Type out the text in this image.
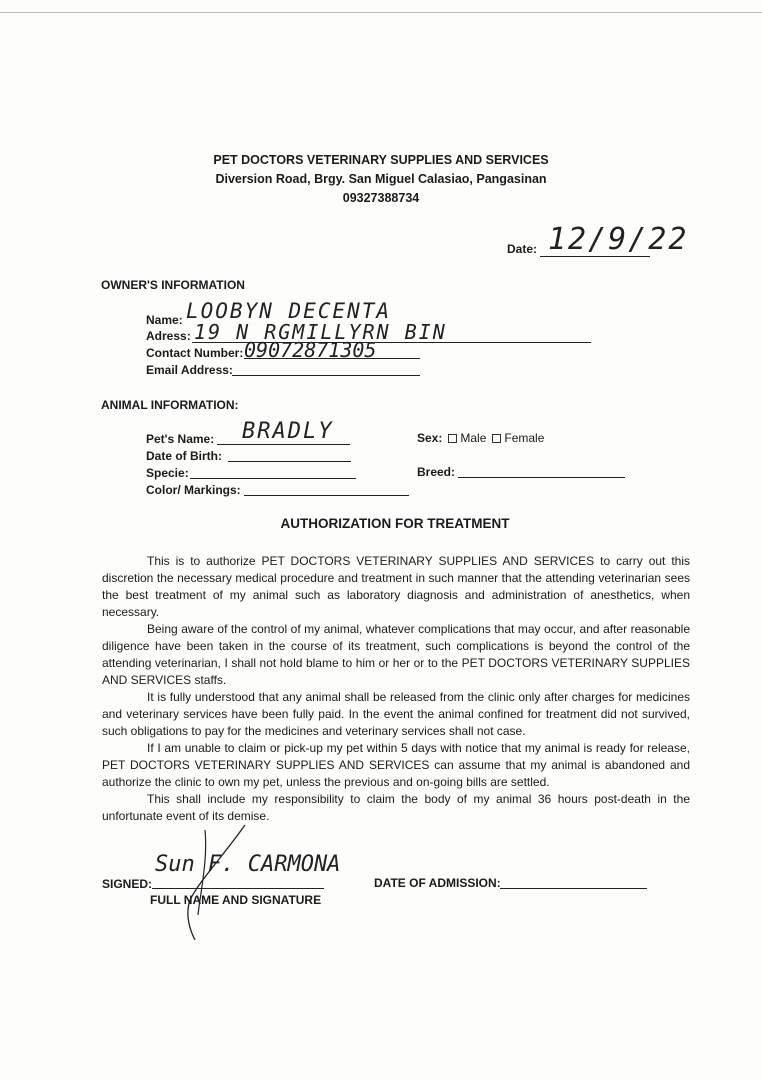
PET DOCTORS VETERINARY SUPPLIES AND SERVICES
Diversion Road, Brgy. San Miguel Calasiao, Pangasinan
09327388734
Date: 12/9/22
OWNER'S INFORMATION
Name: LOOBYN DECENTA
Adress: 19 N RGMILLYRN BIN
Contact Number: 09072871305
Email Address:
ANIMAL INFORMATION:
Pet's Name: BRADLY
Date of Birth:
Specie:
Color/ Markings:
Sex: Male Female
Breed:
AUTHORIZATION FOR TREATMENT

This is to authorize PET DOCTORS VETERINARY SUPPLIES AND SERVICES to carry out this discretion the necessary medical procedure and treatment in such manner that the attending veterinarian sees the best treatment of my animal such as laboratory diagnosis and administration of anesthetics, when necessary.

Being aware of the control of my animal, whatever complications that may occur, and after reasonable diligence have been taken in the course of its treatment, such complications is beyond the control of the attending veterinarian, I shall not hold blame to him or her or to the PET DOCTORS VETERINARY SUPPLIES AND SERVICES staffs.

It is fully understood that any animal shall be released from the clinic only after charges for medicines and veterinary services have been fully paid. In the event the animal confined for treatment did not survived, such obligations to pay for the medicines and veterinary services shall not case.

If I am unable to claim or pick-up my pet within 5 days with notice that my animal is ready for release, PET DOCTORS VETERINARY SUPPLIES AND SERVICES can assume that my animal is abandoned and authorize the clinic to own my pet, unless the previous and on-going bills are settled.

This shall include my responsibility to claim the body of my animal 36 hours post-death in the unfortunate event of its demise.

SIGNED:
Sun F. CARMONA
FULL NAME AND SIGNATURE
DATE OF ADMISSION:
